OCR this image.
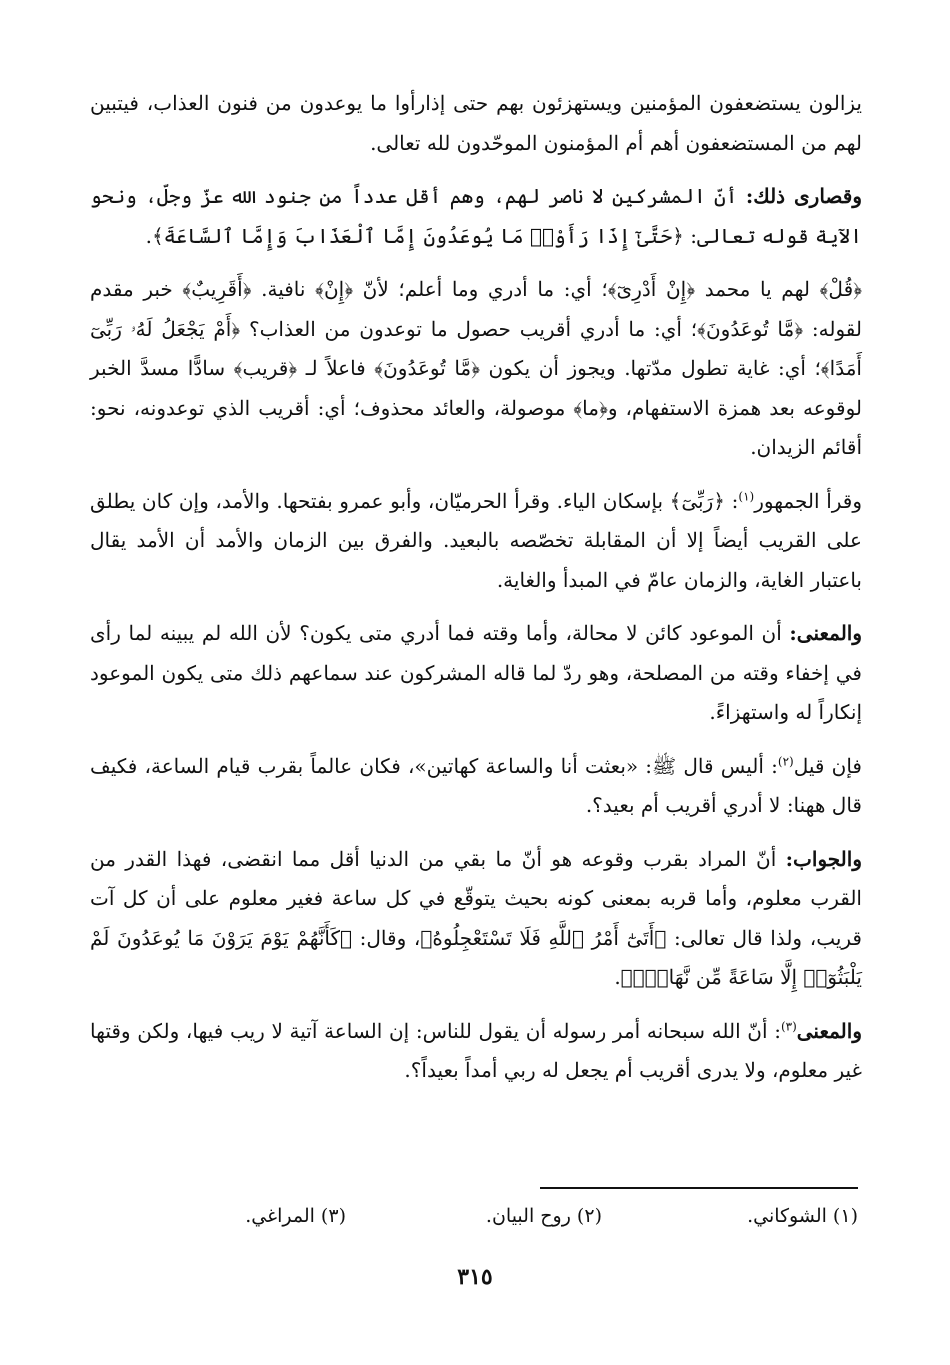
يزالون يستضعفون المؤمنين ويستهزئون بهم حتى إذارأوا ما يوعدون من فنون العذاب، فيتبين لهم من المستضعفون أهم أم المؤمنون الموحّدون لله تعالى.

وقصارى ذلك: أنّ المشركين لا ناصر لهم، وهم أقل عدداً من جنود الله عزّ وجلّ، ونحو الآية قوله تعالى: ﴿حَتَّىٰٓ إِذَا رَأَوْا۟ مَا يُوعَدُونَ إِمَّا ٱلْعَذَابَ وَإِمَّا ٱلسَّاعَةَ﴾.

﴿قُلْ﴾ لهم يا محمد ﴿إِنْ أَدْرِىٓ﴾؛ أي: ما أدري وما أعلم؛ لأنّ ﴿إِنْ﴾ نافية. ﴿أَقَرِيبٌ﴾ خبر مقدم لقوله: ﴿مَّا تُوعَدُونَ﴾؛ أي: ما أدري أقريب حصول ما توعدون من العذاب؟ ﴿أَمْ يَجْعَلُ لَهُۥ رَبِّىٓ أَمَدًا﴾؛ أي: غاية تطول مدّتها. ويجوز أن يكون ﴿مَّا تُوعَدُونَ﴾ فاعلاً لـ ﴿قريب﴾ سادًّا مسدَّ الخبر لوقوعه بعد همزة الاستفهام، و﴿ما﴾ موصولة، والعائد محذوف؛ أي: أقريب الذي توعدونه، نحو: أقائم الزيدان.

وقرأ الجمهور$^{(١)}$: ﴿رَبِّىٓ﴾ بإسكان الياء. وقرأ الحرميّان، وأبو عمرو بفتحها. والأمد، وإن كان يطلق على القريب أيضاً إلا أن المقابلة تخصّصه بالبعيد. والفرق بين الزمان والأمد أن الأمد يقال باعتبار الغاية، والزمان عامّ في المبدأ والغاية.

والمعنى: أن الموعود كائن لا محالة، وأما وقته فما أدري متى يكون؟ لأن الله لم يبينه لما رأى في إخفاء وقته من المصلحة، وهو ردّ لما قاله المشركون عند سماعهم ذلك متى يكون الموعود إنكاراً له واستهزاءً.

فإن قيل$^{(٢)}$: أليس قال ﷺ: «بعثت أنا والساعة كهاتين»، فكان عالماً بقرب قيام الساعة، فكيف قال ههنا: لا أدري أقريب أم بعيد؟.

والجواب: أنّ المراد بقرب وقوعه هو أنّ ما بقي من الدنيا أقل مما انقضى، فهذا القدر من القرب معلوم، وأما قربه بمعنى كونه بحيث يتوقّع في كل ساعة فغير معلوم على أن كل آت قريب، ولذا قال تعالى: ﴿أَتَىٰٓ أَمْرُ ٱللَّهِ فَلَا تَسْتَعْجِلُوهُ﴾، وقال: ﴿كَأَنَّهُمْ يَوْمَ يَرَوْنَ مَا يُوعَدُونَ لَمْ يَلْبَثُوٓا۟ إِلَّا سَاعَةً مِّن نَّهَارٍۭ﴾.

والمعنى$^{(٣)}$: أنّ الله سبحانه أمر رسوله أن يقول للناس: إن الساعة آتية لا ريب فيها، ولكن وقتها غير معلوم، ولا يدرى أقريب أم يجعل له ربي أمداً بعيداً؟.

(١) الشوكاني.
(٢) روح البيان.
(٣) المراغي.
٣١٥
